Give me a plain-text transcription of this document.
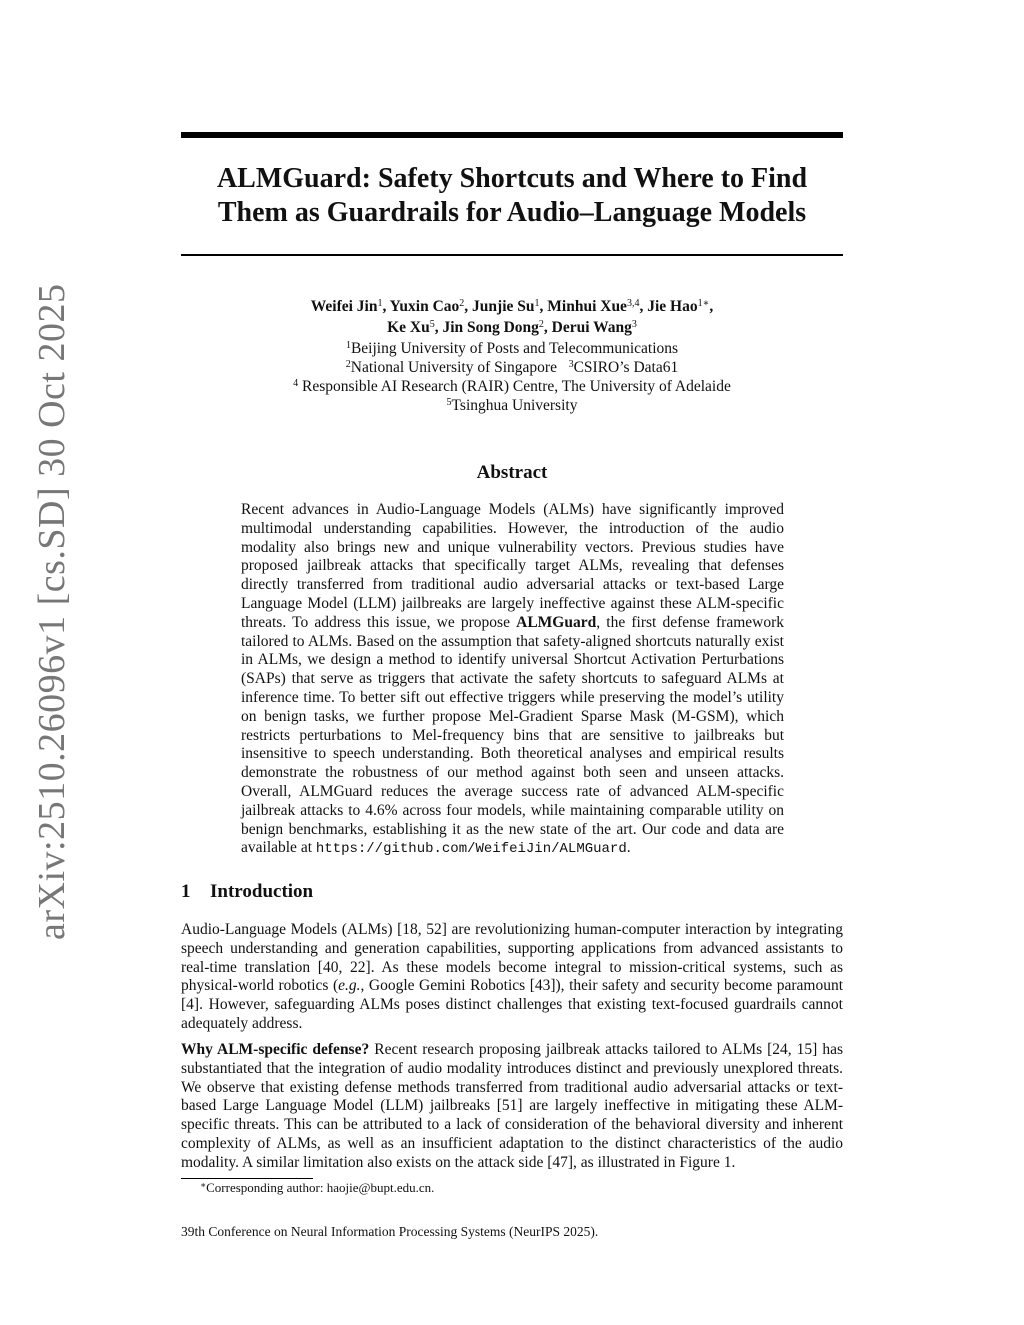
arXiv:2510.26096v1 [cs.SD] 30 Oct 2025
ALMGuard: Safety Shortcuts and Where to Find
Them as Guardrails for Audio–Language Models
Weifei Jin$^1$, Yuxin Cao$^2$, Junjie Su$^1$, Minhui Xue$^{3,4}$, Jie Hao$^{1∗}$,
Ke Xu$^5$, Jin Song Dong$^2$, Derui Wang$^3$
$^1$Beijing University of Posts and Telecommunications
$^2$National University of Singapore $^3$CSIRO’s Data61
$^4$ Responsible AI Research (RAIR) Centre, The University of Adelaide
$^5$Tsinghua University
Abstract
Recent advances in Audio-Language Models (ALMs) have significantly improved multimodal understanding capabilities. However, the introduction of the audio modality also brings new and unique vulnerability vectors. Previous studies have proposed jailbreak attacks that specifically target ALMs, revealing that defenses directly transferred from traditional audio adversarial attacks or text-based Large Language Model (LLM) jailbreaks are largely ineffective against these ALM-specific threats. To address this issue, we propose ALMGuard, the first defense framework tailored to ALMs. Based on the assumption that safety-aligned shortcuts naturally exist in ALMs, we design a method to identify universal Shortcut Activation Perturbations (SAPs) that serve as triggers that activate the safety shortcuts to safeguard ALMs at inference time. To better sift out effective triggers while preserving the model’s utility on benign tasks, we further propose Mel-Gradient Sparse Mask (M-GSM), which restricts perturbations to Mel-frequency bins that are sensitive to jailbreaks but insensitive to speech understanding. Both theoretical analyses and empirical results demonstrate the robustness of our method against both seen and unseen attacks. Overall, ALMGuard reduces the average success rate of advanced ALM-specific jailbreak attacks to 4.6% across four models, while maintaining comparable utility on benign benchmarks, establishing it as the new state of the art. Our code and data are available at https://github.com/WeifeiJin/ALMGuard.
1 Introduction
Audio-Language Models (ALMs) [18, 52] are revolutionizing human-computer interaction by integrating speech understanding and generation capabilities, supporting applications from advanced assistants to real-time translation [40, 22]. As these models become integral to mission-critical systems, such as physical-world robotics (e.g., Google Gemini Robotics [43]), their safety and security become paramount [4]. However, safeguarding ALMs poses distinct challenges that existing text-focused guardrails cannot adequately address.
Why ALM-specific defense? Recent research proposing jailbreak attacks tailored to ALMs [24, 15] has substantiated that the integration of audio modality introduces distinct and previously unexplored threats. We observe that existing defense methods transferred from traditional audio adversarial attacks or text-based Large Language Model (LLM) jailbreaks [51] are largely ineffective in mitigating these ALM-specific threats. This can be attributed to a lack of consideration of the behavioral diversity and inherent complexity of ALMs, as well as an insufficient adaptation to the distinct characteristics of the audio modality. A similar limitation also exists on the attack side [47], as illustrated in Figure 1.
∗Corresponding author: haojie@bupt.edu.cn.
39th Conference on Neural Information Processing Systems (NeurIPS 2025).
